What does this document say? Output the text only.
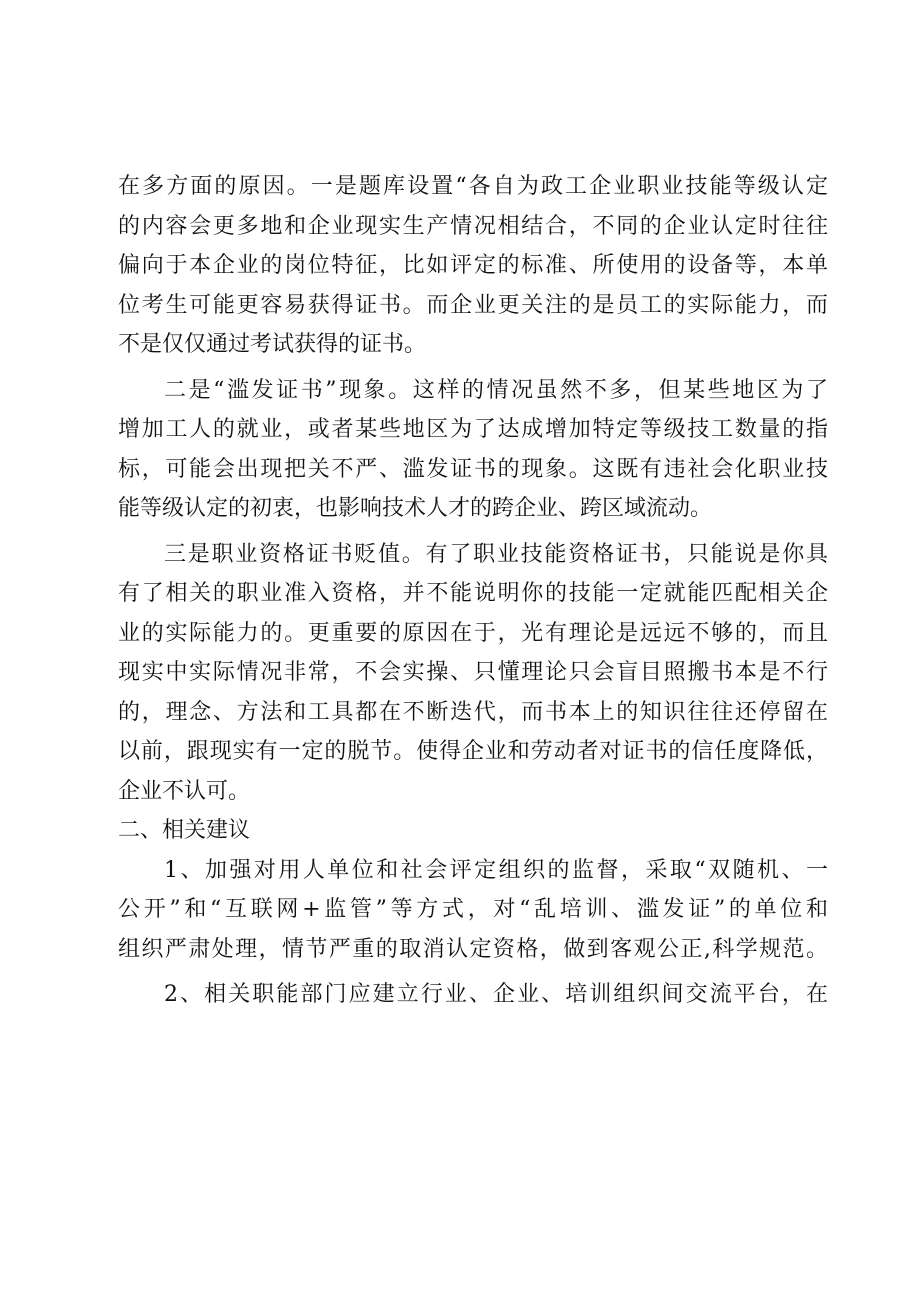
在多方面的原因。一是题库设置“各自为政工企业职业技能等级认定
的内容会更多地和企业现实生产情况相结合，不同的企业认定时往往
偏向于本企业的岗位特征，比如评定的标准、所使用的设备等，本单
位考生可能更容易获得证书。而企业更关注的是员工的实际能力，而
不是仅仅通过考试获得的证书。
二是“滥发证书”现象。这样的情况虽然不多，但某些地区为了
增加工人的就业，或者某些地区为了达成增加特定等级技工数量的指
标，可能会出现把关不严、滥发证书的现象。这既有违社会化职业技
能等级认定的初衷，也影响技术人才的跨企业、跨区域流动。
三是职业资格证书贬值。有了职业技能资格证书，只能说是你具
有了相关的职业准入资格，并不能说明你的技能一定就能匹配相关企
业的实际能力的。更重要的原因在于，光有理论是远远不够的，而且
现实中实际情况非常，不会实操、只懂理论只会盲目照搬书本是不行
的，理念、方法和工具都在不断迭代，而书本上的知识往往还停留在
以前，跟现实有一定的脱节。使得企业和劳动者对证书的信任度降低，
企业不认可。
二、相关建议
1、加强对用人单位和社会评定组织的监督，采取“双随机、一
公开”和“互联网+监管”等方式，对“乱培训、滥发证”的单位和
组织严肃处理，情节严重的取消认定资格，做到客观公正,科学规范。
2、相关职能部门应建立行业、企业、培训组织间交流平台，在
